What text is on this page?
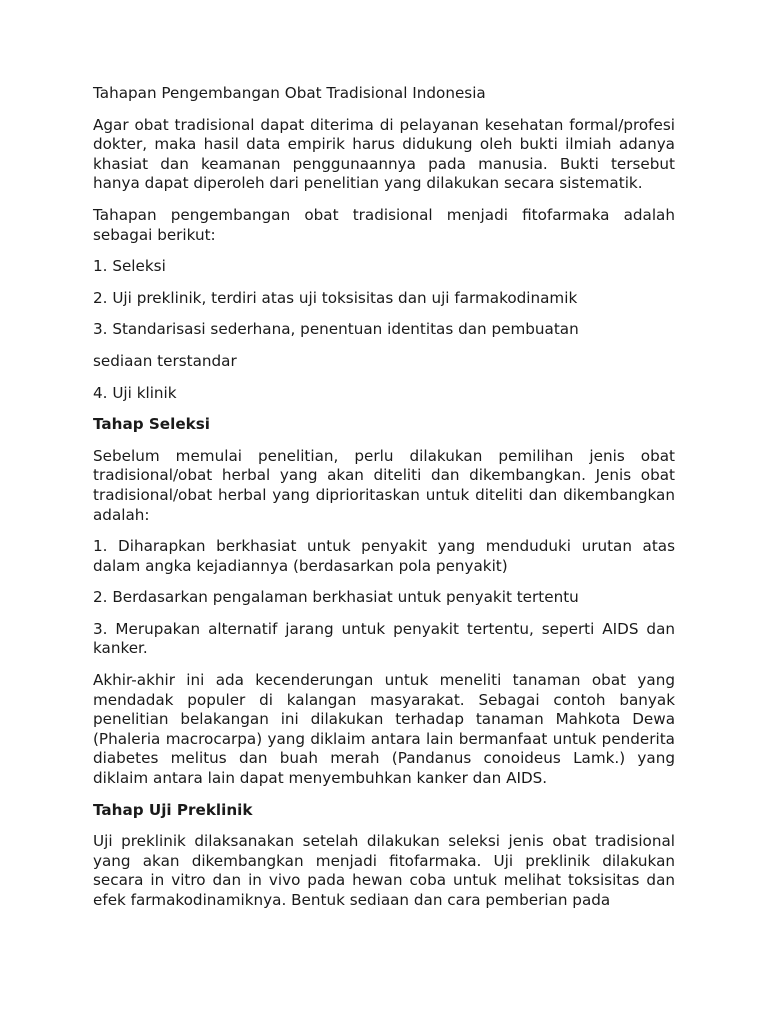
Tahapan Pengembangan Obat Tradisional Indonesia

Agar obat tradisional dapat diterima di pelayanan kesehatan formal/profesi dokter, maka hasil data empirik harus didukung oleh bukti ilmiah adanya khasiat dan keamanan penggunaannya pada manusia. Bukti tersebut hanya dapat diperoleh dari penelitian yang dilakukan secara sistematik.

Tahapan pengembangan obat tradisional menjadi fitofarmaka adalah sebagai berikut:

1. Seleksi

2. Uji preklinik, terdiri atas uji toksisitas dan uji farmakodinamik

3. Standarisasi sederhana, penentuan identitas dan pembuatan

sediaan terstandar

4. Uji klinik

Tahap Seleksi

Sebelum memulai penelitian, perlu dilakukan pemilihan jenis obat tradisional/obat herbal yang akan diteliti dan dikembangkan. Jenis obat tradisional/obat herbal yang diprioritaskan untuk diteliti dan dikembangkan adalah:

1. Diharapkan berkhasiat untuk penyakit yang menduduki urutan atas dalam angka kejadiannya (berdasarkan pola penyakit)

2. Berdasarkan pengalaman berkhasiat untuk penyakit tertentu

3. Merupakan alternatif jarang untuk penyakit tertentu, seperti AIDS dan kanker.

Akhir-akhir ini ada kecenderungan untuk meneliti tanaman obat yang mendadak populer di kalangan masyarakat. Sebagai contoh banyak penelitian belakangan ini dilakukan terhadap tanaman Mahkota Dewa (Phaleria macrocarpa) yang diklaim antara lain bermanfaat untuk penderita diabetes melitus dan buah merah (Pandanus conoideus Lamk.) yang diklaim antara lain dapat menyembuhkan kanker dan AIDS.

Tahap Uji Preklinik

Uji preklinik dilaksanakan setelah dilakukan seleksi jenis obat tradisional yang akan dikembangkan menjadi fitofarmaka. Uji preklinik dilakukan secara in vitro dan in vivo pada hewan coba untuk melihat toksisitas dan efek farmakodinamiknya. Bentuk sediaan dan cara pemberian pada
